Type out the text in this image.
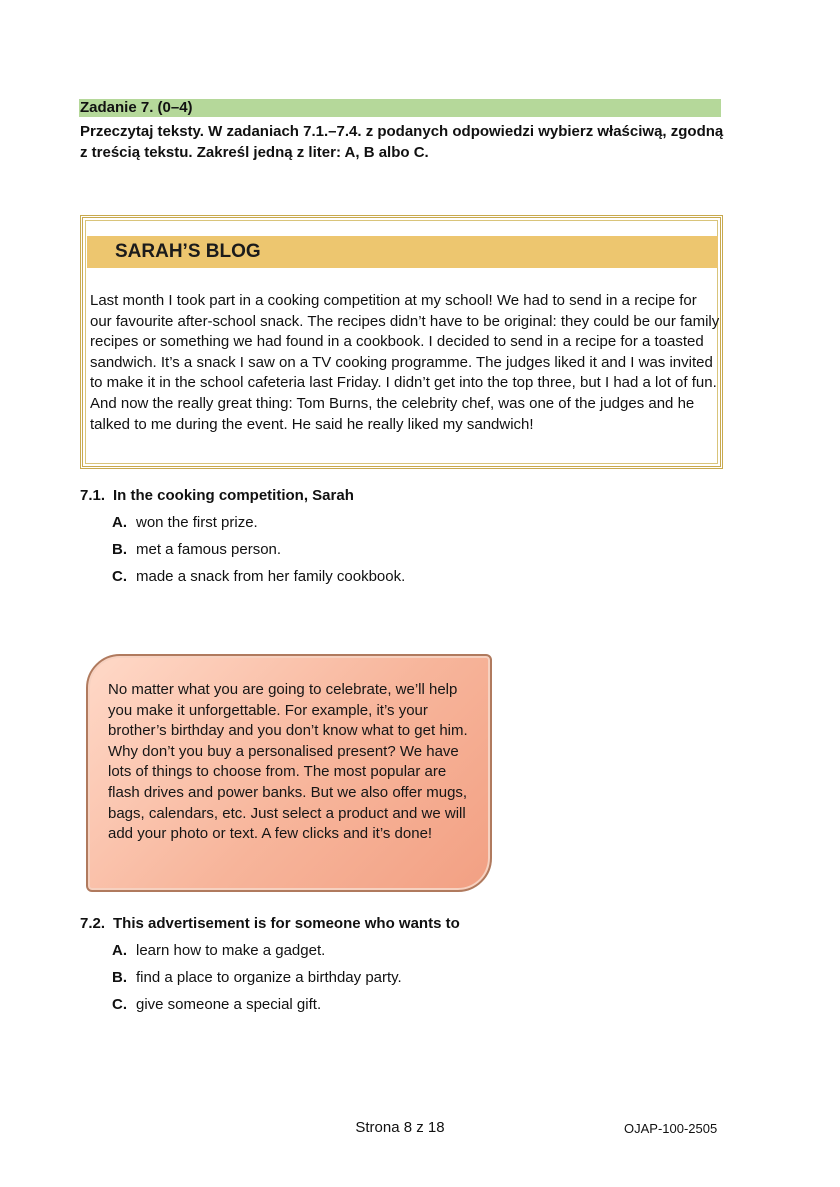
Zadanie 7. (0–4)
Przeczytaj teksty. W zadaniach 7.1.–7.4. z podanych odpowiedzi wybierz właściwą, zgodną z treścią tekstu. Zakreśl jedną z liter: A, B albo C.
SARAH’S BLOG
Last month I took part in a cooking competition at my school! We had to send in a recipe for our favourite after-school snack. The recipes didn’t have to be original: they could be our family recipes or something we had found in a cookbook. I decided to send in a recipe for a toasted sandwich. It’s a snack I saw on a TV cooking programme. The judges liked it and I was invited to make it in the school cafeteria last Friday. I didn’t get into the top three, but I had a lot of fun. And now the really great thing: Tom Burns, the celebrity chef, was one of the judges and he talked to me during the event. He said he really liked my sandwich!
7.1. In the cooking competition, Sarah
A. won the first prize.
B. met a famous person.
C. made a snack from her family cookbook.
No matter what you are going to celebrate, we’ll help you make it unforgettable. For example, it’s your brother’s birthday and you don’t know what to get him. Why don’t you buy a personalised present? We have lots of things to choose from. The most popular are flash drives and power banks. But we also offer mugs, bags, calendars, etc. Just select a product and we will add your photo or text. A few clicks and it’s done!
7.2. This advertisement is for someone who wants to
A. learn how to make a gadget.
B. find a place to organize a birthday party.
C. give someone a special gift.
Strona 8 z 18	OJAP-100-2505
